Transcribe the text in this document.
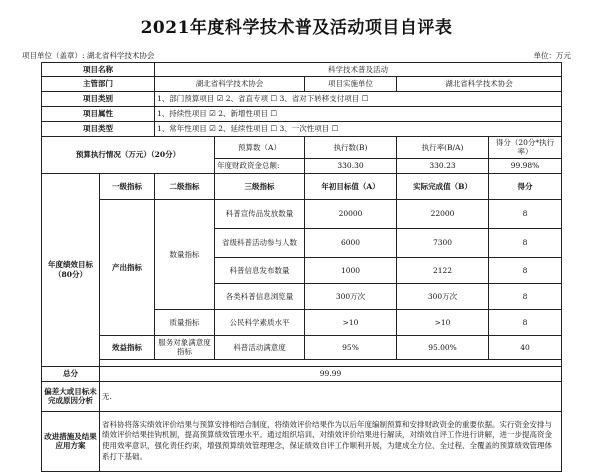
2021年度科学技术普及活动项目自评表
项目单位（盖章）: 湖北省科学技术协会	单位：万元
项目名称		科学技术普及活动				
主管部门		湖北省科学技术协会		项目实施单位	湖北省科学技术协会	
项目类别		1、部门预算项目 ☑ 2、省直专项 ☐ 3、省对下转移支付项目 ☐				
项目属性		1、持续性项目 ☑ 2、新增性项目 ☐				
项目类型		1、常年性项目 ☑ 2、延续性项目 ☐ 3、一次性项目 ☐				
预算执行情况（万元）（20分）			预算数（A）	执行数(B)	执行率(B/A)	得分（20分*执行率）
			年度财政资金总额:	330.30	330.23	99.98%
年度绩效目标（80分）	一级指标	二级指标	三级指标	年初目标值（A）	实际完成值（B）	得分
	产出指标	数量指标	科普宣传品发放数量	20000	22000	8
			省级科普活动参与人数	6000	7300	8
			科普信息发布数量	1000	2122	8
			各类科普信息浏览量	300万次	300万次	8
		质量指标	公民科学素质水平	>10	>10	8
	效益指标	服务对象满意度指标	科普活动满意度	95%	95.00%	40

总分	99.99					
偏差大或目标未完成原因分析	无.					
改进措施及结果应用方案	省科协将落实绩效评价结果与预算安排相结合制度，将绩效评价结果作为以后年度编制预算和安排财政资金的重要依据。实行资金安排与绩效评价结果挂钩机制，提高预算绩效管理水平。通过组织培训、对绩效评价结果进行解读，对绩效自评工作进行讲解，进一步提高资金使用效率意识，强化责任约束，增强预算绩效管理理念，保证绩效自评工作顺利开展，为建成全方位、全过程、全覆盖的预算绩效管理体系打下基础。					
